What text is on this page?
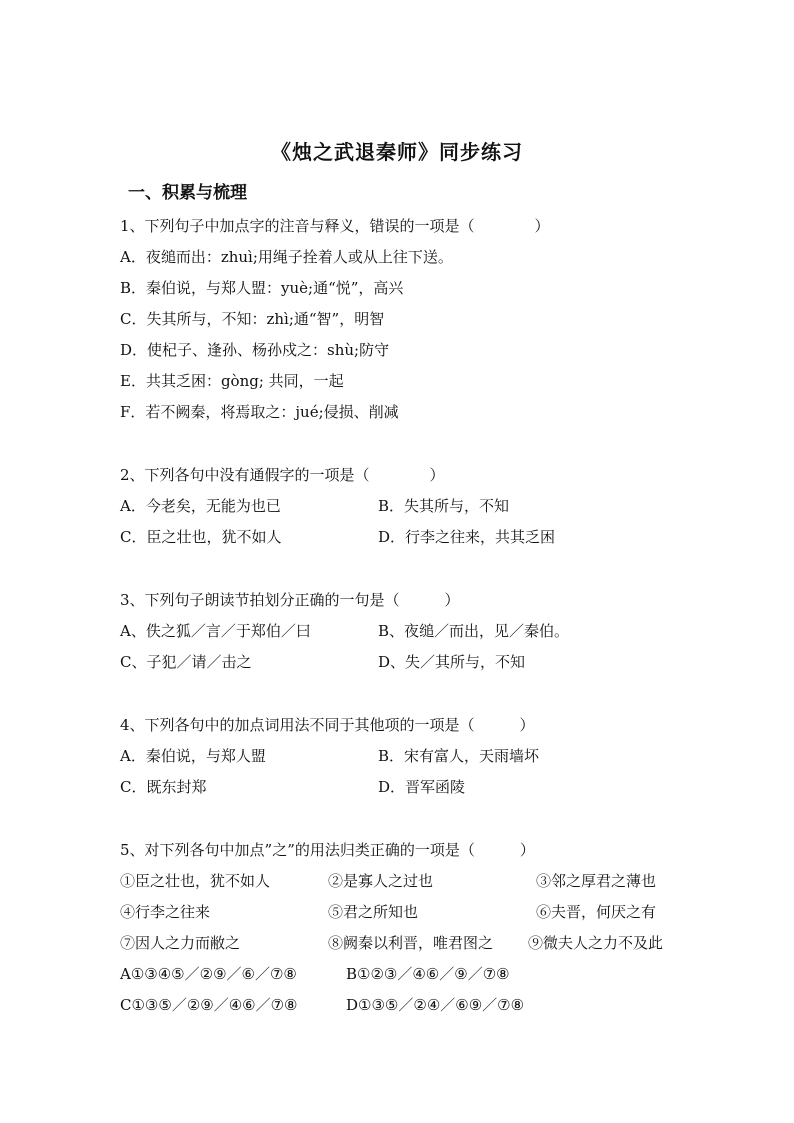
《烛之武退秦师》同步练习
一、积累与梳理
1、下列句子中加点字的注音与释义，错误的一项是（　　　　）
A．夜缒而出：zhuì;用绳子拴着人或从上往下送。
B．秦伯说，与郑人盟：yuè;通“悦”，高兴
C．失其所与，不知：zhì;通“智”，明智
D．使杞子、逢孙、杨孙戍之：shù;防守
E．共其乏困：gòng; 共同，一起
F．若不阙秦，将焉取之：jué;侵损、削减
2、下列各句中没有通假字的一项是（　　　　）
A．今老矣，无能为也已	B．失其所与，不知
C．臣之壮也，犹不如人	D．行李之往来，共其乏困
3、下列句子朗读节拍划分正确的一句是（　　　）
A、佚之狐／言／于郑伯／曰	B、夜缒／而出，见／秦伯。
C、子犯／请／击之	D、失／其所与，不知
4、下列各句中的加点词用法不同于其他项的一项是（　　　）
A．秦伯说，与郑人盟	B．宋有富人，天雨墙坏
C．既东封郑	D．晋军函陵
5、对下列各句中加点”之”的用法归类正确的一项是（　　　）
①臣之壮也，犹不如人	②是寡人之过也	③邻之厚君之薄也
④行李之往来	⑤君之所知也	⑥夫晋，何厌之有
⑦因人之力而敝之	⑧阙秦以利晋，唯君图之 ⑨微夫人之力不及此
A①③④⑤／②⑨／⑥／⑦⑧	B①②③／④⑥／⑨／⑦⑧
C①③⑤／②⑨／④⑥／⑦⑧	D①③⑤／②④／⑥⑨／⑦⑧
